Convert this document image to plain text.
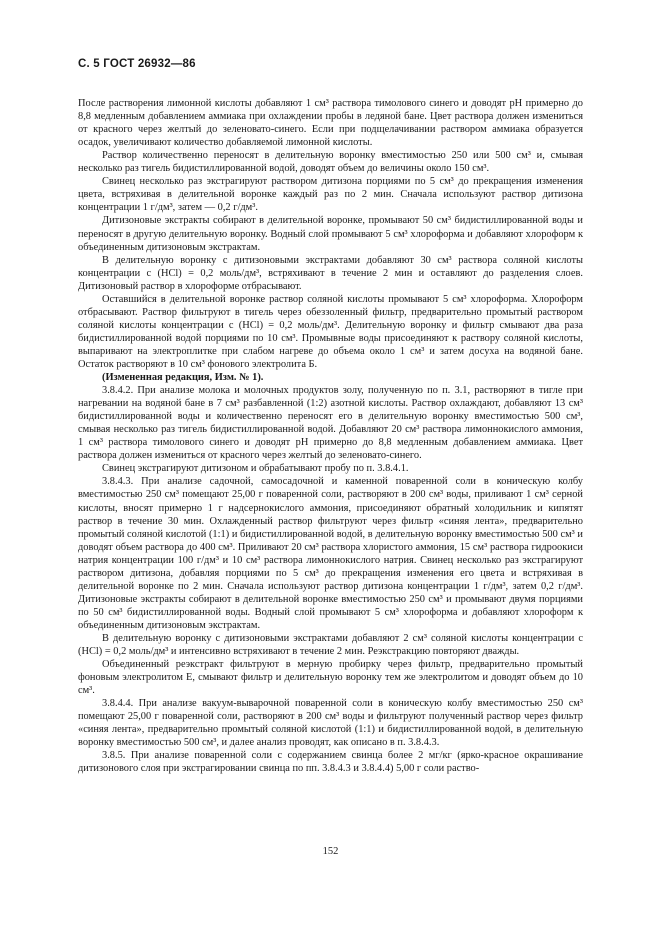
С. 5 ГОСТ 26932—86

После растворения лимонной кислоты добавляют 1 см³ раствора тимолового синего и доводят рН примерно до 8,8 медленным добавлением аммиака при охлаждении пробы в ледяной бане. Цвет раствора должен измениться от красного через желтый до зеленовато-синего. Если при подщелачивании раствором аммиака образуется осадок, увеличивают количество добавляемой лимонной кислоты.

Раствор количественно переносят в делительную воронку вместимостью 250 или 500 см³ и, смывая несколько раз тигель бидистиллированной водой, доводят объем до величины около 150 см³.

Свинец несколько раз экстрагируют раствором дитизона порциями по 5 см³ до прекращения изменения цвета, встряхивая в делительной воронке каждый раз по 2 мин. Сначала используют раствор дитизона концентрации 1 г/дм³, затем — 0,2 г/дм³.

Дитизоновые экстракты собирают в делительной воронке, промывают 50 см³ бидистиллированной воды и переносят в другую делительную воронку. Водный слой промывают 5 см³ хлороформа и добавляют хлороформ к объединенным дитизоновым экстрактам.

В делительную воронку с дитизоновыми экстрактами добавляют 30 см³ раствора соляной кислоты концентрации c (HCl) = 0,2 моль/дм³, встряхивают в течение 2 мин и оставляют до разделения слоев. Дитизоновый раствор в хлороформе отбрасывают.

Оставшийся в делительной воронке раствор соляной кислоты промывают 5 см³ хлороформа. Хлороформ отбрасывают. Раствор фильтруют в тигель через обеззоленный фильтр, предварительно промытый раствором соляной кислоты концентрации c (HCl) = 0,2 моль/дм³. Делительную воронку и фильтр смывают два раза бидистиллированной водой порциями по 10 см³. Промывные воды присоединяют к раствору соляной кислоты, выпаривают на электроплитке при слабом нагреве до объема около 1 см³ и затем досуха на водяной бане. Остаток растворяют в 10 см³ фонового электролита Б.

(Измененная редакция, Изм. № 1).

3.8.4.2. При анализе молока и молочных продуктов золу, полученную по п. 3.1, растворяют в тигле при нагревании на водяной бане в 7 см³ разбавленной (1:2) азотной кислоты. Раствор охлаждают, добавляют 13 см³ бидистиллированной воды и количественно переносят его в делительную воронку вместимостью 500 см³, смывая несколько раз тигель бидистиллированной водой. Добавляют 20 см³ раствора лимоннокислого аммония, 1 см³ раствора тимолового синего и доводят рН примерно до 8,8 медленным добавлением аммиака. Цвет раствора должен измениться от красного через желтый до зеленовато-синего.

Свинец экстрагируют дитизоном и обрабатывают пробу по п. 3.8.4.1.

3.8.4.3. При анализе садочной, самосадочной и каменной поваренной соли в коническую колбу вместимостью 250 см³ помещают 25,00 г поваренной соли, растворяют в 200 см³ воды, приливают 1 см³ серной кислоты, вносят примерно 1 г надсернокислого аммония, присоединяют обратный холодильник и кипятят раствор в течение 30 мин. Охлажденный раствор фильтруют через фильтр «синяя лента», предварительно промытый соляной кислотой (1:1) и бидистиллированной водой, в делительную воронку вместимостью 500 см³ и доводят объем раствора до 400 см³. Приливают 20 см³ раствора хлористого аммония, 15 см³ раствора гидроокиси натрия концентрации 100 г/дм³ и 10 см³ раствора лимоннокислого натрия. Свинец несколько раз экстрагируют раствором дитизона, добавляя порциями по 5 см³ до прекращения изменения его цвета и встряхивая в делительной воронке по 2 мин. Сначала используют раствор дитизона концентрации 1 г/дм³, затем 0,2 г/дм³. Дитизоновые экстракты собирают в делительной воронке вместимостью 250 см³ и промывают двумя порциями по 50 см³ бидистиллированной воды. Водный слой промывают 5 см³ хлороформа и добавляют хлороформ к объединенным дитизоновым экстрактам.

В делительную воронку с дитизоновыми экстрактами добавляют 2 см³ соляной кислоты концентрации c (HCl) = 0,2 моль/дм³ и интенсивно встряхивают в течение 2 мин. Реэкстракцию повторяют дважды.

Объединенный реэкстракт фильтруют в мерную пробирку через фильтр, предварительно промытый фоновым электролитом Е, смывают фильтр и делительную воронку тем же электролитом и доводят объем до 10 см³.

3.8.4.4. При анализе вакуум-выварочной поваренной соли в коническую колбу вместимостью 250 см³ помещают 25,00 г поваренной соли, растворяют в 200 см³ воды и фильтруют полученный раствор через фильтр «синяя лента», предварительно промытый соляной кислотой (1:1) и бидистиллированной водой, в делительную воронку вместимостью 500 см³, и далее анализ проводят, как описано в п. 3.8.4.3.

3.8.5. При анализе поваренной соли с содержанием свинца более 2 мг/кг (ярко-красное окрашивание дитизонового слоя при экстрагировании свинца по пп. 3.8.4.3 и 3.8.4.4) 5,00 г соли раство-

152
